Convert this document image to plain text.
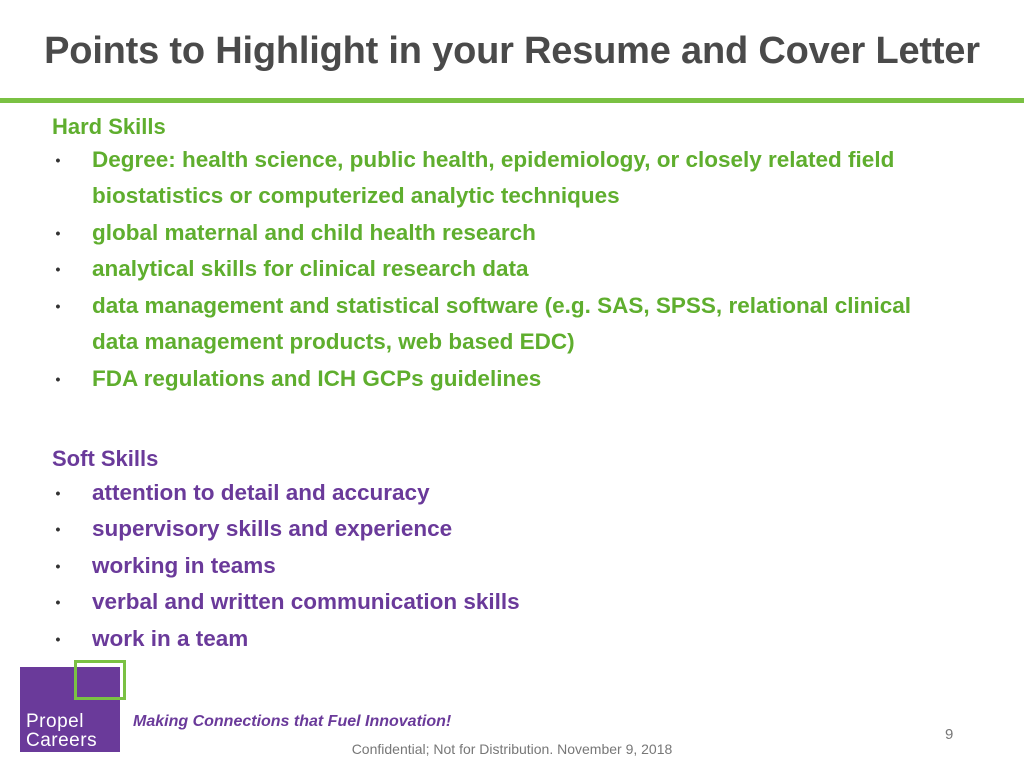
Points to Highlight in your Resume and Cover Letter
Hard Skills
• Degree: health science, public health, epidemiology, or closely related field
biostatistics or computerized analytic techniques
• global maternal and child health research
• analytical skills for clinical research data
• data management and statistical software (e.g. SAS, SPSS, relational clinical
data management products, web based EDC)
• FDA regulations and ICH GCPs guidelines
Soft Skills
• attention to detail and accuracy
• supervisory skills and experience
• working in teams
• verbal and written communication skills
• work in a team
Propel
Careers
Making Connections that Fuel Innovation!
9
Confidential; Not for Distribution. November 9, 2018
